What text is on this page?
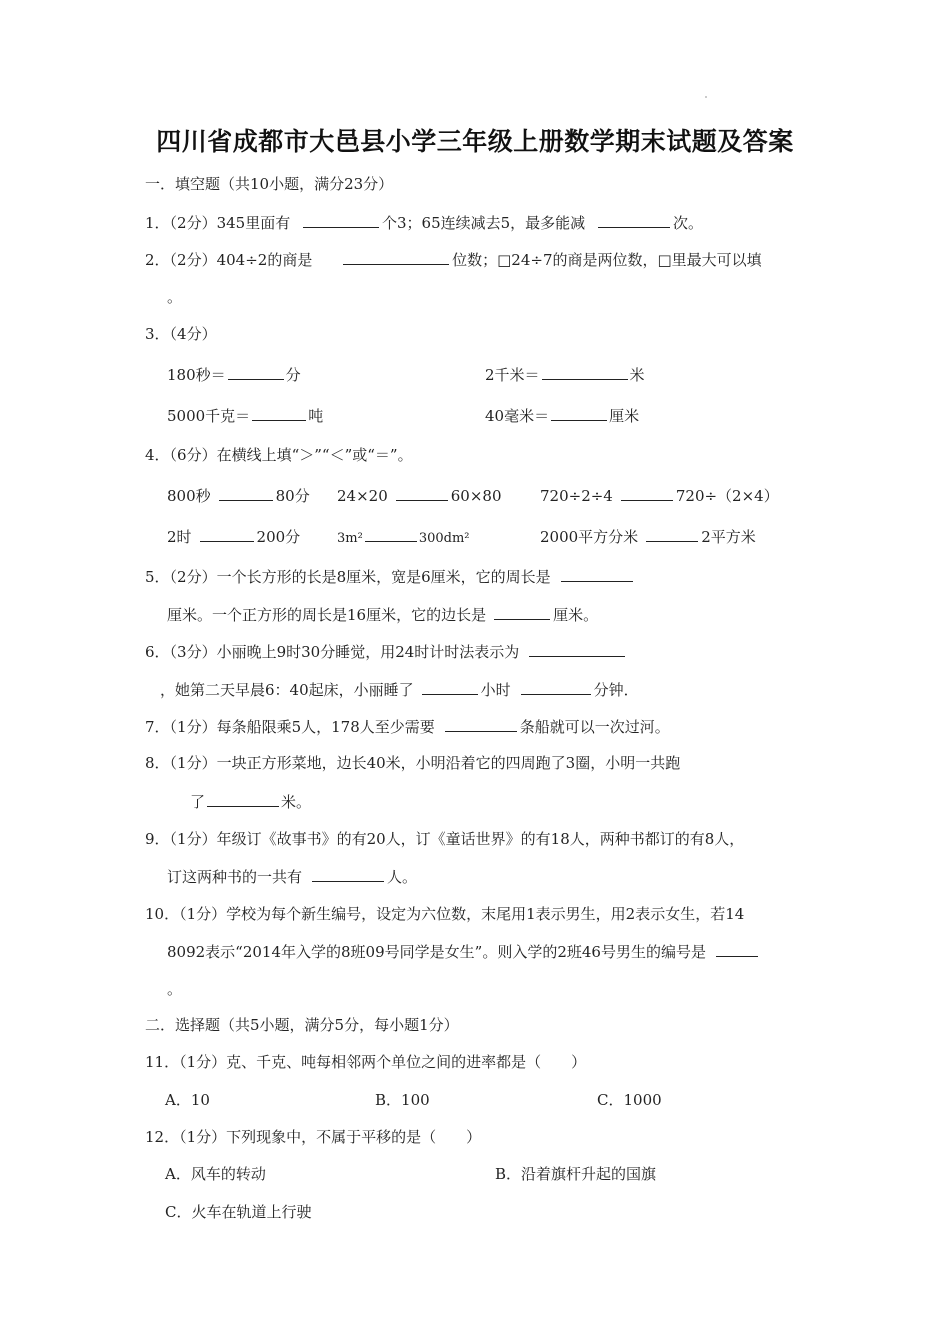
四川省成都市大邑县小学三年级上册数学期末试题及答案
一．填空题（共10小题，满分23分）
1．（2分）345里面有	个3；65连续减去5，最多能减	次。
2．（2分）404÷2的商是	位数；□24÷7的商是两位数，□里最大可以填
。
3．（4分）
180秒＝	分	2千米＝	米
5000千克＝	吨	40毫米＝	厘米
4．（6分）在横线上填“＞”“＜”或“＝”。
800秒	80分 24×20	60×80	720÷2÷4	720÷（2×4）
2时	200分	3m²	300dm²	2000平方分米	2平方米
5．（2分）一个长方形的长是8厘米，宽是6厘米，它的周长是
厘米。一个正方形的周长是16厘米，它的边长是	厘米。
6．（3分）小丽晚上9时30分睡觉，用24时计时法表示为
，她第二天早晨6：40起床，小丽睡了	小时	分钟．
7．（1分）每条船限乘5人，178人至少需要	条船就可以一次过河。
8．（1分）一块正方形菜地，边长40米，小明沿着它的四周跑了3圈，小明一共跑
了	米。
9．（1分）年级订《故事书》的有20人，订《童话世界》的有18人，两种书都订的有8人，
订这两种书的一共有	人。
10．（1分）学校为每个新生编号，设定为六位数，末尾用1表示男生，用2表示女生，若14
8092表示“2014年入学的8班09号同学是女生”。则入学的2班46号男生的编号是
。
二．选择题（共5小题，满分5分，每小题1分）
11．（1分）克、千克、吨每相邻两个单位之间的进率都是（　　）
A．10	B．100	C．1000
12．（1分）下列现象中，不属于平移的是（　　）
A．风车的转动	B．沿着旗杆升起的国旗
C．火车在轨道上行驶
